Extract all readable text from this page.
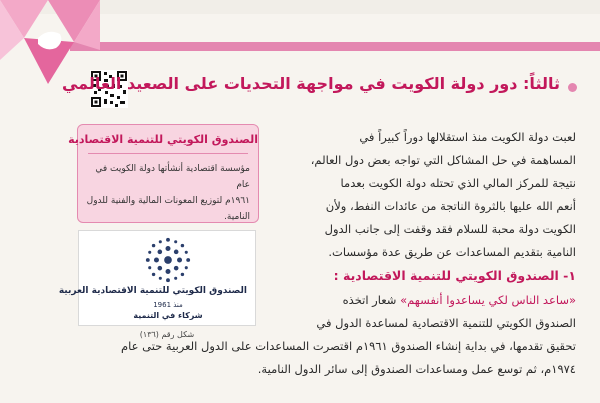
ثالثاً: دور دولة الكويت في مواجهة التحديات على الصعيد العالمي
الصندوق الكويتي للتنمية الاقتصادية
مؤسسة اقتصادية أنشأتها دولة الكويت في عام
١٩٦١م لتوزيع المعونات المالية والفنية للدول
النامية.
الصندوق الكويتي للتنمية الاقتصادية العربية
منذ 1961
شركاء في التنمية
شكل رقم (١٣٦)
لعبت دولة الكويت منذ استقلالها دوراً كبيراً في
المساهمة في حل المشاكل التي تواجه بعض دول العالم،
نتيجة للمركز المالي الذي تحتله دولة الكويت بعدما
أنعم الله عليها بالثروة الناتجة من عائدات النفط، ولأن
الكويت دولة محبة للسلام فقد وقفت إلى جانب الدول
النامية بتقديم المساعدات عن طريق عدة مؤسسات.
١- الصندوق الكويتي للتنمية الاقتصادية :
«ساعد الناس لكي يساعدوا أنفسهم» شعار اتخذه
الصندوق الكويتي للتنمية الاقتصادية لمساعدة الدول في
تحقيق تقدمها، في بداية إنشاء الصندوق ١٩٦١م اقتصرت المساعدات على الدول العربية حتى عام
١٩٧٤م، ثم توسع عمل ومساعدات الصندوق إلى سائر الدول النامية.
